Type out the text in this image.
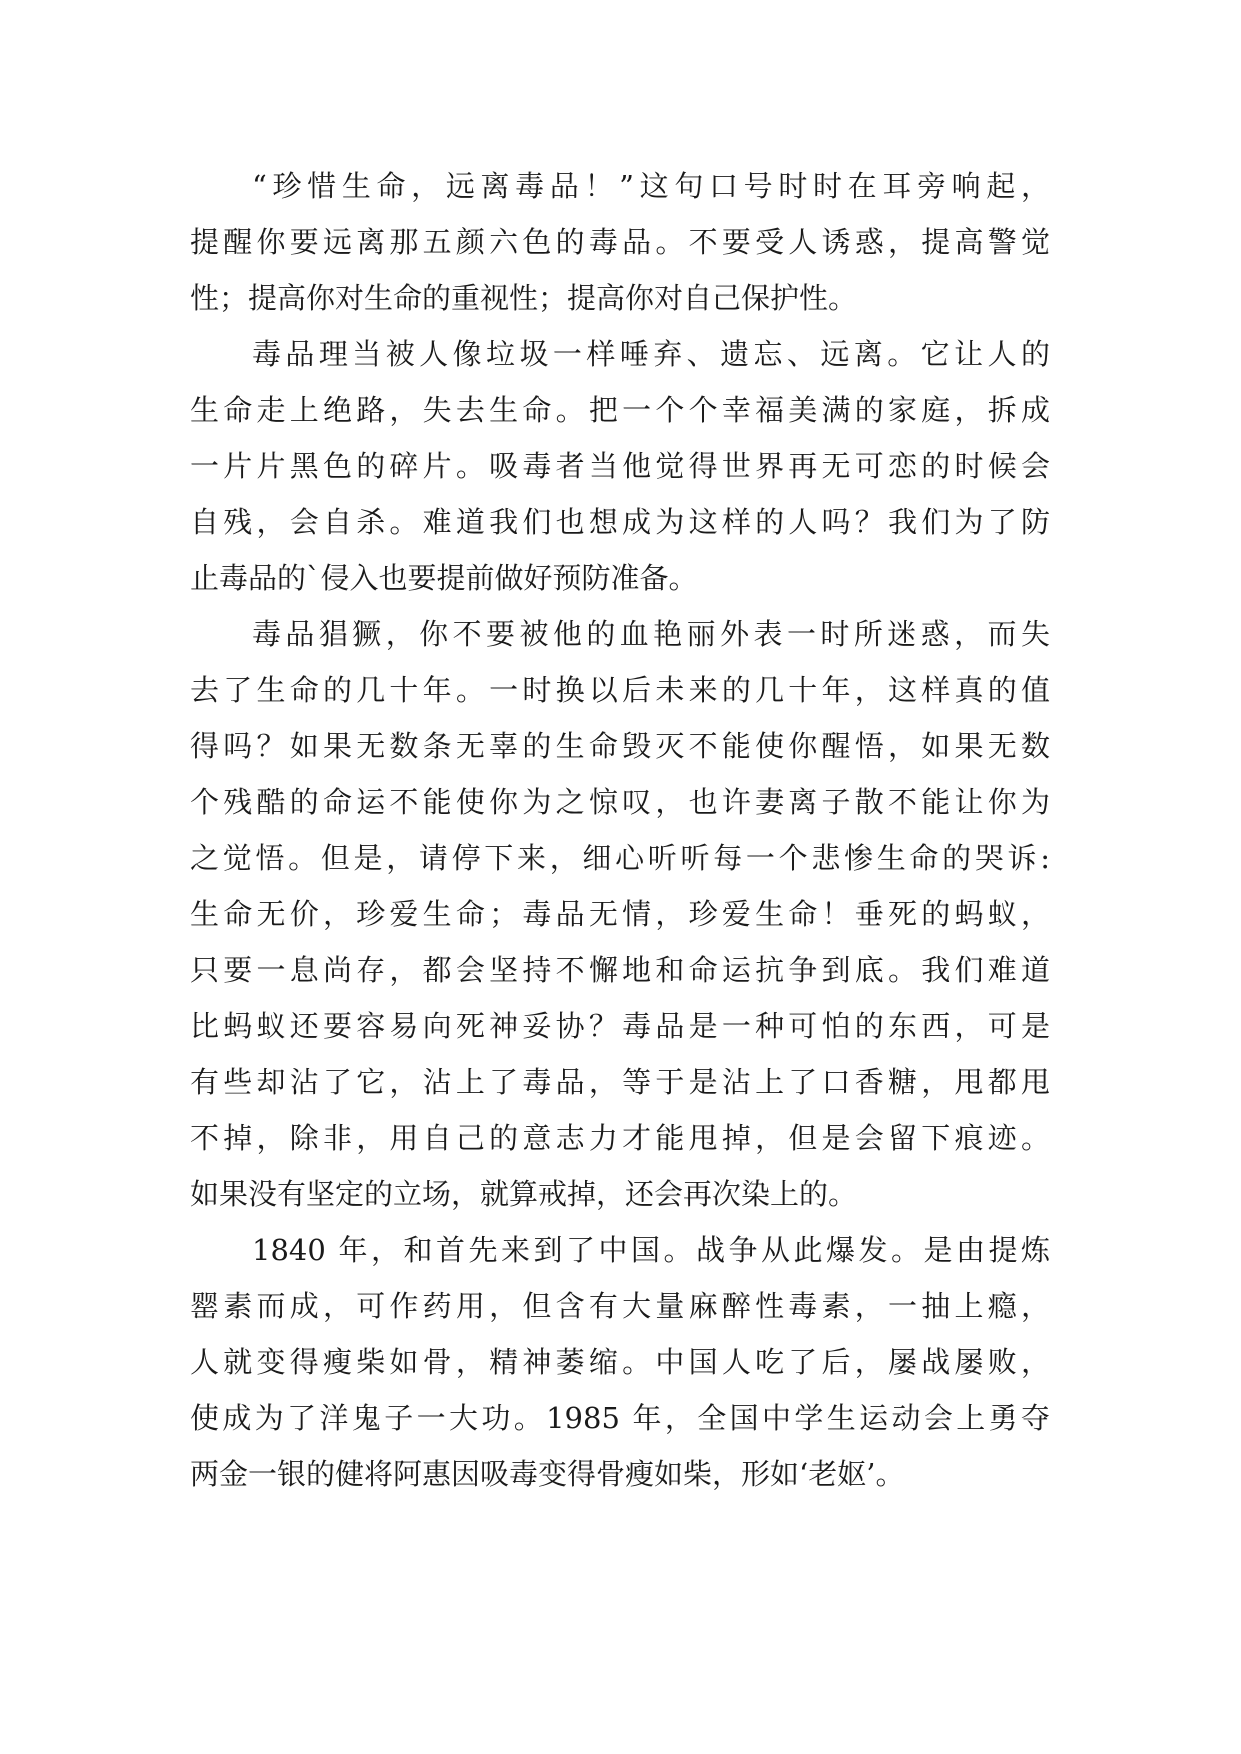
“珍惜生命，远离毒品！”这句口号时时在耳旁响起，
提醒你要远离那五颜六色的毒品。不要受人诱惑，提高警觉
性；提高你对生命的重视性；提高你对自己保护性。
毒品理当被人像垃圾一样唾弃、遗忘、远离。它让人的
生命走上绝路，失去生命。把一个个幸福美满的家庭，拆成
一片片黑色的碎片。吸毒者当他觉得世界再无可恋的时候会
自残，会自杀。难道我们也想成为这样的人吗？我们为了防
止毒品的`侵入也要提前做好预防准备。
毒品猖獗，你不要被他的血艳丽外表一时所迷惑，而失
去了生命的几十年。一时换以后未来的几十年，这样真的值
得吗？如果无数条无辜的生命毁灭不能使你醒悟，如果无数
个残酷的命运不能使你为之惊叹，也许妻离子散不能让你为
之觉悟。但是，请停下来，细心听听每一个悲惨生命的哭诉:
生命无价，珍爱生命；毒品无情，珍爱生命！垂死的蚂蚁，
只要一息尚存，都会坚持不懈地和命运抗争到底。我们难道
比蚂蚁还要容易向死神妥协？毒品是一种可怕的东西，可是
有些却沾了它，沾上了毒品，等于是沾上了口香糖，甩都甩
不掉，除非，用自己的意志力才能甩掉，但是会留下痕迹。
如果没有坚定的立场，就算戒掉，还会再次染上的。
1840 年，和首先来到了中国。战争从此爆发。是由提炼
罂素而成，可作药用，但含有大量麻醉性毒素，一抽上瘾，
人就变得瘦柴如骨，精神萎缩。中国人吃了后，屡战屡败，
使成为了洋鬼子一大功。1985 年，全国中学生运动会上勇夺
两金一银的健将阿惠因吸毒变得骨瘦如柴，形如‘老妪’。
